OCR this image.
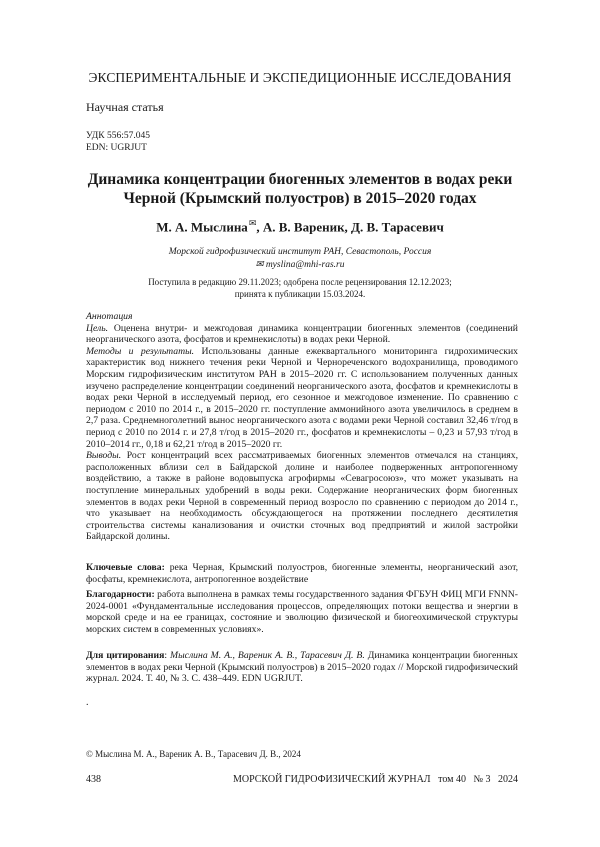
ЭКСПЕРИМЕНТАЛЬНЫЕ И ЭКСПЕДИЦИОННЫЕ ИССЛЕДОВАНИЯ
Научная статья
УДК 556:57.045
EDN: UGRJUT
Динамика концентрации биогенных элементов в водах реки Черной (Крымский полуостров) в 2015–2020 годах
М. А. Мыслина✉, А. В. Вареник, Д. В. Тарасевич
Морской гидрофизический институт РАН, Севастополь, Россия
✉ myslina@mhi-ras.ru
Поступила в редакцию 29.11.2023; одобрена после рецензирования 12.12.2023;
принята к публикации 15.03.2024.

Аннотация

Цель. Оценена внутри- и межгодовая динамика концентрации биогенных элементов (соединений неорганического азота, фосфатов и кремнекислоты) в водах реки Черной.

Методы и результаты. Использованы данные ежеквартального мониторинга гидрохимических характеристик вод нижнего течения реки Черной и Чернореченского водохранилища, проводимого Морским гидрофизическим институтом РАН в 2015–2020 гг. С использованием полученных данных изучено распределение концентрации соединений неорганического азота, фосфатов и кремнекислоты в водах реки Черной в исследуемый период, его сезонное и межгодовое изменение. По сравнению с периодом с 2010 по 2014 г., в 2015–2020 гг. поступление аммонийного азота увеличилось в среднем в 2,7 раза. Среднемноголетний вынос неорганического азота с водами реки Черной составил 32,46 т/год в период с 2010 по 2014 г. и 27,8 т/год в 2015–2020 гг., фосфатов и кремнекислоты – 0,23 и 57,93 т/год в 2010–2014 гг., 0,18 и 62,21 т/год в 2015–2020 гг.

Выводы. Рост концентраций всех рассматриваемых биогенных элементов отмечался на станциях, расположенных вблизи сел в Байдарской долине и наиболее подверженных антропогенному воздействию, а также в районе водовыпуска агрофирмы «Севагросоюз», что может указывать на поступление минеральных удобрений в воды реки. Содержание неорганических форм биогенных элементов в водах реки Черной в современный период возросло по сравнению с периодом до 2014 г., что указывает на необходимость обсуждающегося на протяжении последнего десятилетия строительства системы канализования и очистки сточных вод предприятий и жилой застройки Байдарской долины.

Ключевые слова: река Черная, Крымский полуостров, биогенные элементы, неорганический азот, фосфаты, кремнекислота, антропогенное воздействие
Благодарности: работа выполнена в рамках темы государственного задания ФГБУН ФИЦ МГИ FNNN-2024-0001 «Фундаментальные исследования процессов, определяющих потоки вещества и энергии в морской среде и на ее границах, состояние и эволюцию физической и биогеохимической структуры морских систем в современных условиях».
Для цитирования: Мыслина М. А., Вареник А. В., Тарасевич Д. В. Динамика концентрации биогенных элементов в водах реки Черной (Крымский полуостров) в 2015–2020 годах // Морской гидрофизический журнал. 2024. Т. 40, № 3. С. 438–449. EDN UGRJUT.
.
© Мыслина М. А., Вареник А. В., Тарасевич Д. В., 2024
438	МОРСКОЙ ГИДРОФИЗИЧЕСКИЙ ЖУРНАЛ   том 40   № 3   2024
